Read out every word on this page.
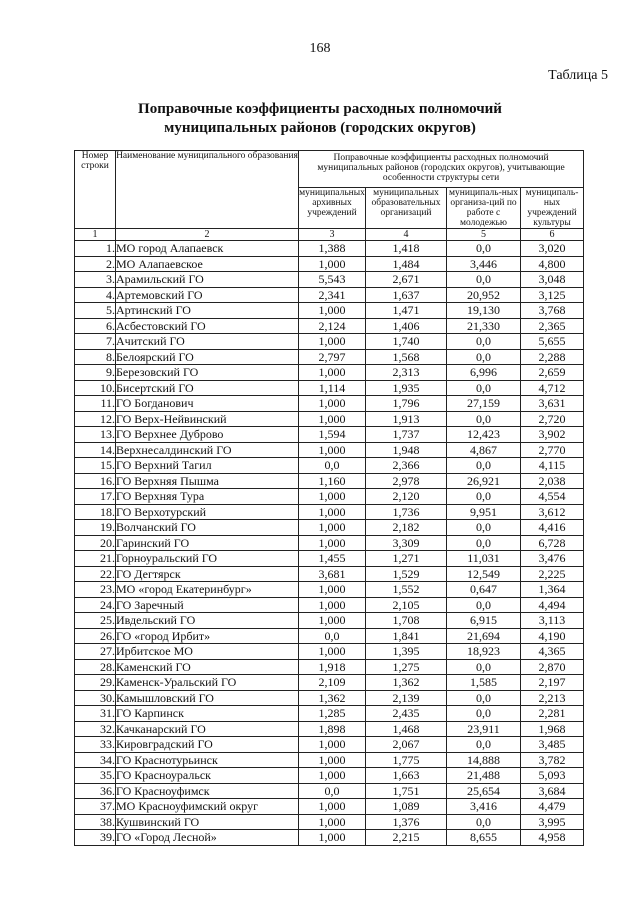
168
Таблица 5
Поправочные коэффициенты расходных полномочий
муниципальных районов (городских округов)
Номер строки	Наименование муниципального образования	Поправочные коэффициенты расходных полномочий муниципальных районов (городских округов), учитывающие особенности структуры сети			
		муниципальных архивных учреждений	муниципальных образовательных организаций	муниципаль-ных организа-ций по работе с молодежью	муниципаль-ных учреждений культуры
1	2	3	4	5	6
1.	МО город Алапаевск	1,388	1,418	0,0	3,020
2.	МО Алапаевское	1,000	1,484	3,446	4,800
3.	Арамильский ГО	5,543	2,671	0,0	3,048
4.	Артемовский ГО	2,341	1,637	20,952	3,125
5.	Артинский ГО	1,000	1,471	19,130	3,768
6.	Асбестовский ГО	2,124	1,406	21,330	2,365
7.	Ачитский ГО	1,000	1,740	0,0	5,655
8.	Белоярский ГО	2,797	1,568	0,0	2,288
9.	Березовский ГО	1,000	2,313	6,996	2,659
10.	Бисертский ГО	1,114	1,935	0,0	4,712
11.	ГО Богданович	1,000	1,796	27,159	3,631
12.	ГО Верх-Нейвинский	1,000	1,913	0,0	2,720
13.	ГО Верхнее Дуброво	1,594	1,737	12,423	3,902
14.	Верхнесалдинский ГО	1,000	1,948	4,867	2,770
15.	ГО Верхний Тагил	0,0	2,366	0,0	4,115
16.	ГО Верхняя Пышма	1,160	2,978	26,921	2,038
17.	ГО Верхняя Тура	1,000	2,120	0,0	4,554
18.	ГО Верхотурский	1,000	1,736	9,951	3,612
19.	Волчанский ГО	1,000	2,182	0,0	4,416
20.	Гаринский ГО	1,000	3,309	0,0	6,728
21.	Горноуральский ГО	1,455	1,271	11,031	3,476
22.	ГО Дегтярск	3,681	1,529	12,549	2,225
23.	МО «город Екатеринбург»	1,000	1,552	0,647	1,364
24.	ГО Заречный	1,000	2,105	0,0	4,494
25.	Ивдельский ГО	1,000	1,708	6,915	3,113
26.	ГО «город Ирбит»	0,0	1,841	21,694	4,190
27.	Ирбитское МО	1,000	1,395	18,923	4,365
28.	Каменский ГО	1,918	1,275	0,0	2,870
29.	Каменск-Уральский ГО	2,109	1,362	1,585	2,197
30.	Камышловский ГО	1,362	2,139	0,0	2,213
31.	ГО Карпинск	1,285	2,435	0,0	2,281
32.	Качканарский ГО	1,898	1,468	23,911	1,968
33.	Кировградский ГО	1,000	2,067	0,0	3,485
34.	ГО Краснотурьинск	1,000	1,775	14,888	3,782
35.	ГО Красноуральск	1,000	1,663	21,488	5,093
36.	ГО Красноуфимск	0,0	1,751	25,654	3,684
37.	МО Красноуфимский округ	1,000	1,089	3,416	4,479
38.	Кушвинский ГО	1,000	1,376	0,0	3,995
39.	ГО «Город Лесной»	1,000	2,215	8,655	4,958
